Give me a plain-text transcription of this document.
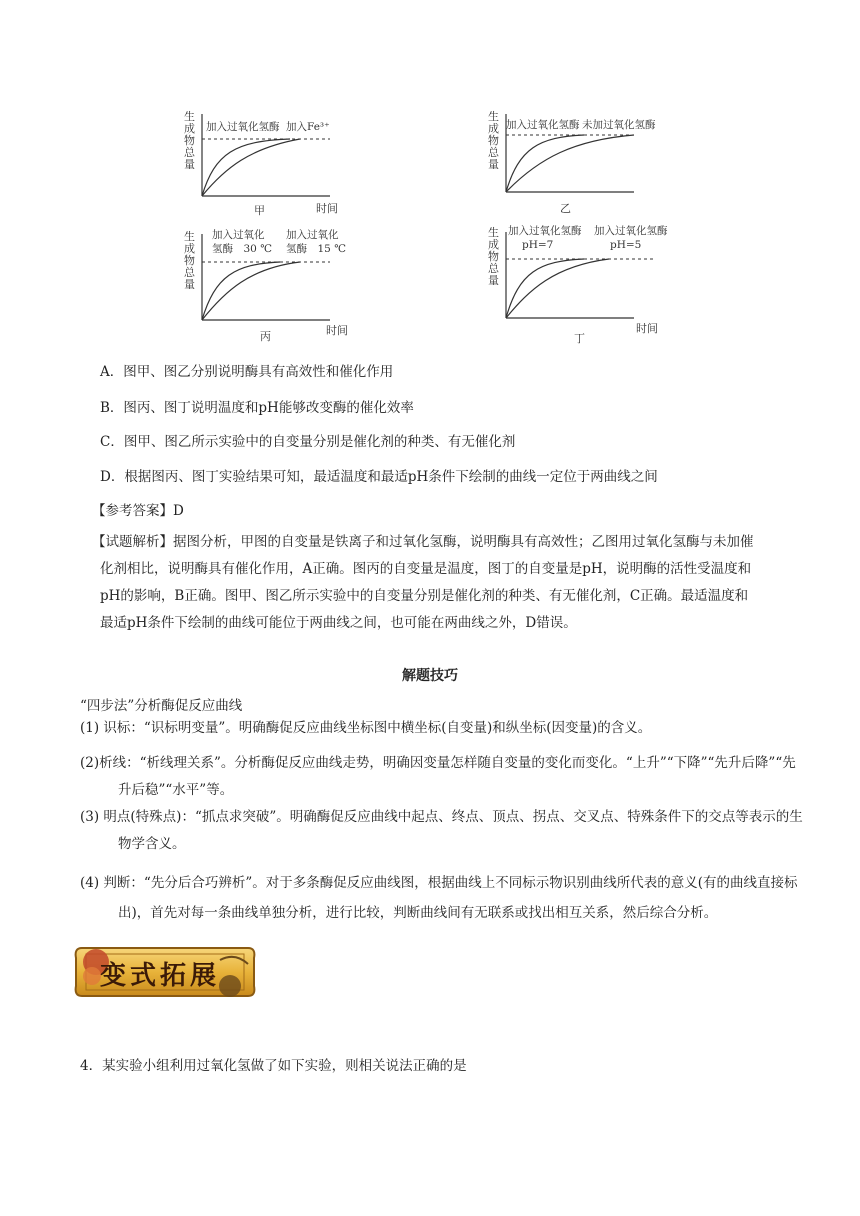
生
成
物
总
量
加入过氧化氢酶 加入Fe³⁺
时间
甲
生
成
物
总
量
加入过氧化氢酶 未加过氧化氢酶
乙
生
成
物
总
量
加入过氧化
氢酶　30 ℃
加入过氧化
氢酶　15 ℃
时间
丙
生
成
物
总
量
加入过氧化氢酶
pH=7
加入过氧化氢酶
pH=5
时间
丁
A．图甲、图乙分别说明酶具有高效性和催化作用
B．图丙、图丁说明温度和pH能够改变酶的催化效率
C．图甲、图乙所示实验中的自变量分别是催化剂的种类、有无催化剂
D．根据图丙、图丁实验结果可知，最适温度和最适pH条件下绘制的曲线一定位于两曲线之间
【参考答案】D
【试题解析】据图分析，甲图的自变量是铁离子和过氧化氢酶，说明酶具有高效性；乙图用过氧化氢酶与未加催化剂相比，说明酶具有催化作用，A正确。图丙的自变量是温度，图丁的自变量是pH，说明酶的活性受温度和pH的影响，B正确。图甲、图乙所示实验中的自变量分别是催化剂的种类、有无催化剂，C正确。最适温度和最适pH条件下绘制的曲线可能位于两曲线之间，也可能在两曲线之外，D错误。
解题技巧
“四步法”分析酶促反应曲线
(1) 识标：“识标明变量”。明确酶促反应曲线坐标图中横坐标(自变量)和纵坐标(因变量)的含义。
(2)析线：“析线理关系”。分析酶促反应曲线走势，明确因变量怎样随自变量的变化而变化。“上升”“下降”“先升后降”“先升后稳”“水平”等。
(3) 明点(特殊点)：“抓点求突破”。明确酶促反应曲线中起点、终点、顶点、拐点、交叉点、特殊条件下的交点等表示的生物学含义。
(4) 判断：“先分后合巧辨析”。对于多条酶促反应曲线图，根据曲线上不同标示物识别曲线所代表的意义(有的曲线直接标出)，首先对每一条曲线单独分析，进行比较，判断曲线间有无联系或找出相互关系，然后综合分析。
变式拓展
4．某实验小组利用过氧化氢做了如下实验，则相关说法正确的是
